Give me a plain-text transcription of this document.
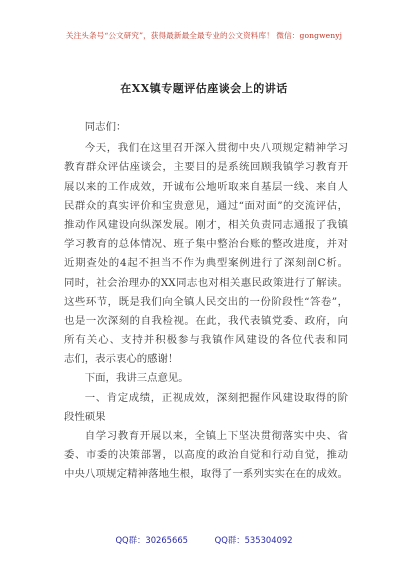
关注头条号“公文研究”，获得最新最全最专业的公文资料库！ 微信：gongwenyj
在XX镇专题评估座谈会上的讲话
同志们：
今天，我们在这里召开深入贯彻中央八项规定精神学习
教育群众评估座谈会，主要目的是系统回顾我镇学习教育开
展以来的工作成效，开诚布公地听取来自基层一线、来自人
民群众的真实评价和宝贵意见，通过“面对面”的交流评估，
推动作风建设向纵深发展。刚才，相关负责同志通报了我镇
学习教育的总体情况、班子集中整治台账的整改进度，并对
近期查处的4起不担当不作为典型案例进行了深刻剖C析。
同时，社会治理办的XX同志也对相关惠民政策进行了解读。
这些环节，既是我们向全镇人民交出的一份阶段性“答卷”，
也是一次深刻的自我检视。在此，我代表镇党委、政府，向
所有关心、支持并积极参与我镇作风建设的各位代表和同
志们，表示衷心的感谢！
下面，我讲三点意见。
一、肯定成绩，正视成效，深刻把握作风建设取得的阶
段性硕果
自学习教育开展以来，全镇上下坚决贯彻落实中央、省
委、市委的决策部署，以高度的政治自觉和行动自觉，推动
中央八项规定精神落地生根，取得了一系列实实在在的成效。
QQ群：30265665	QQ群：535304092
